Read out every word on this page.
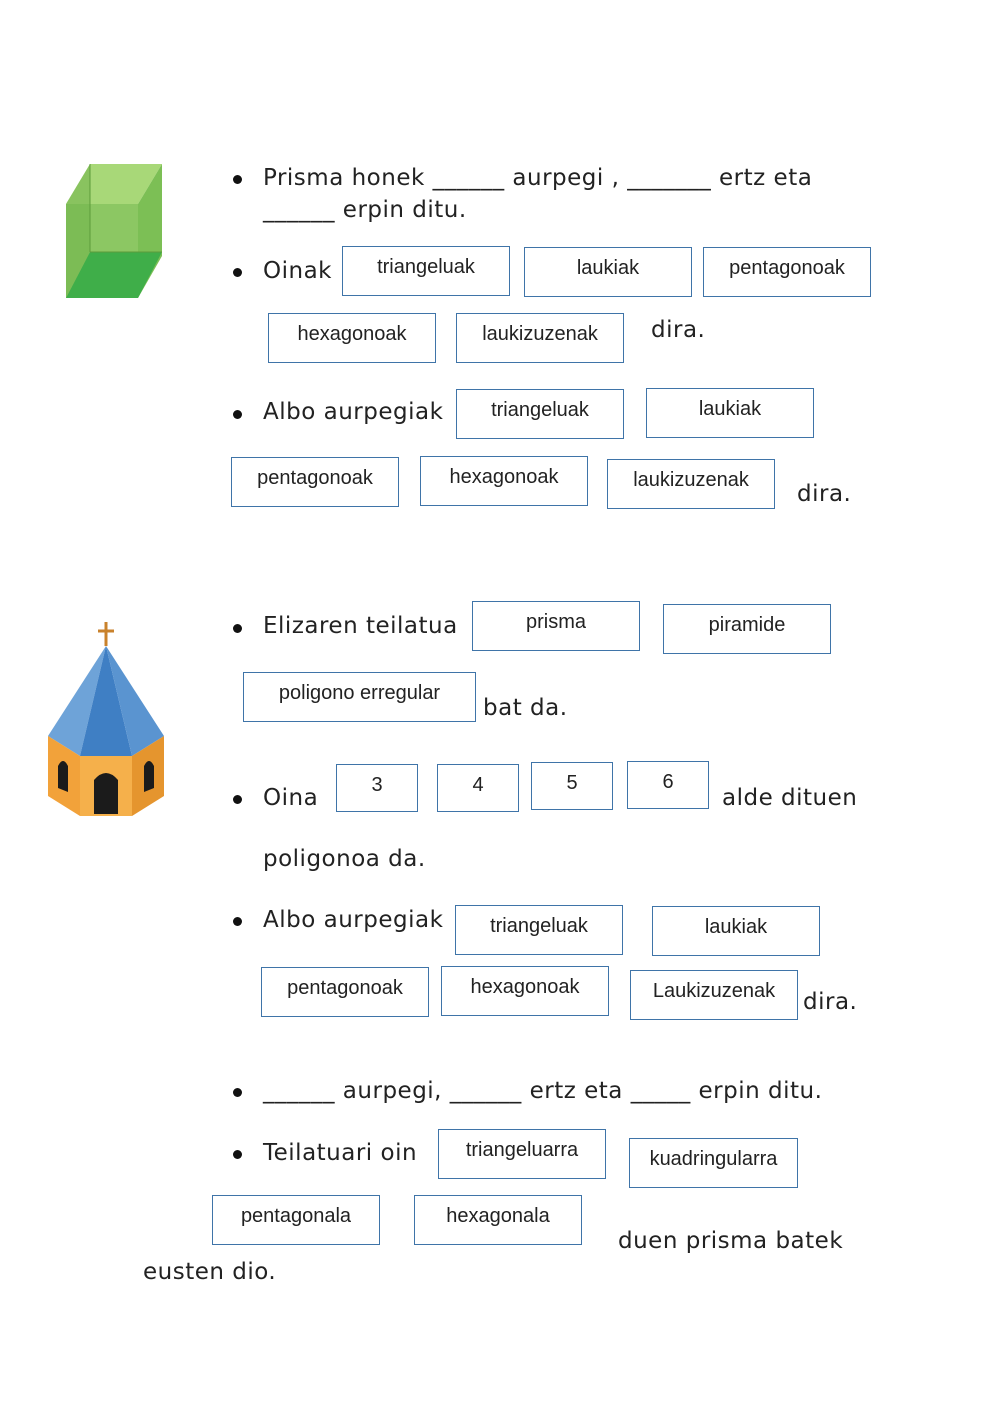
Prisma honek ______ aurpegi , _______ ertz eta
______ erpin ditu.
Oinak	triangeluak	laukiak	pentagonoak
hexagonoak	laukizuzenak	dira.
Albo aurpegiak	triangeluak	laukiak
pentagonoak	hexagonoak	laukizuzenak
dira.
Elizaren teilatua	prisma	piramide
poligono erregular
bat da.
Oina	3	4	5	6
alde dituen
poligonoa da.
Albo aurpegiak	triangeluak	laukiak
pentagonoak	hexagonoak	Laukizuzenak	dira.
______ aurpegi, ______ ertz eta _____ erpin ditu.
Teilatuari oin	triangeluarra	kuadringularra
pentagonala	hexagonala
duen prisma batek
eusten dio.
